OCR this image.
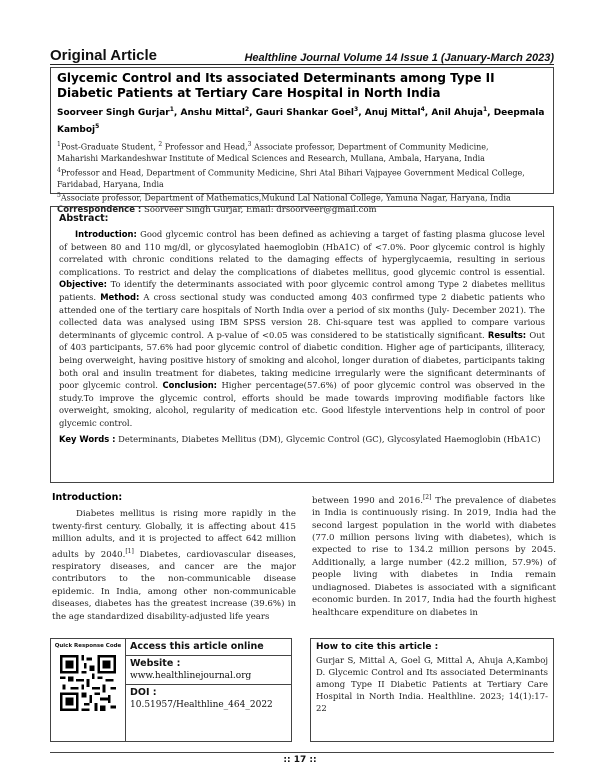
Original Article	Healthline Journal Volume 14 Issue 1 (January-March 2023)
Glycemic Control and Its associated Determinants among Type II
Diabetic Patients at Tertiary Care Hospital in North India
Soorveer Singh Gurjar$^1$, Anshu Mittal$^2$, Gauri Shankar Goel$^3$, Anuj Mittal$^4$, Anil Ahuja$^1$, Deepmala Kamboj$^5$
$^1$Post-Graduate Student, $^2$ Professor and Head,$^3$ Associate professor, Department of Community Medicine,
Maharishi Markandeshwar Institute of Medical Sciences and Research, Mullana, Ambala, Haryana, India
$^4$Professor and Head, Department of Community Medicine, Shri Atal Bihari Vajpayee Government Medical College, Faridabad, Haryana, India
$^5$Associate professor, Department of Mathematics,Mukund Lal National College, Yamuna Nagar, Haryana, India
Correspondence : Soorveer Singh Gurjar, Email: drsoorveer@gmail.com
Abstract:

Introduction: Good glycemic control has been defined as achieving a target of fasting plasma glucose level of between 80 and 110 mg/dl, or glycosylated haemoglobin (HbA1C) of <7.0%. Poor glycemic control is highly correlated with chronic conditions related to the damaging effects of hyperglycaemia, resulting in serious complications. To restrict and delay the complications of diabetes mellitus, good glycemic control is essential. Objective: To identify the determinants associated with poor glycemic control among Type 2 diabetes mellitus patients. Method: A cross sectional study was conducted among 403 confirmed type 2 diabetic patients who attended one of the tertiary care hospitals of North India over a period of six months (July- December 2021). The collected data was analysed using IBM SPSS version 28. Chi-square test was applied to compare various determinants of glycemic control. A p-value of <0.05 was considered to be statistically significant. Results: Out of 403 participants, 57.6% had poor glycemic control of diabetic condition. Higher age of participants, illiteracy, being overweight, having positive history of smoking and alcohol, longer duration of diabetes, participants taking both oral and insulin treatment for diabetes, taking medicine irregularly were the significant determinants of poor glycemic control. Conclusion: Higher percentage(57.6%) of poor glycemic control was observed in the study.To improve the glycemic control, efforts should be made towards improving modifiable factors like overweight, smoking, alcohol, regularity of medication etc. Good lifestyle interventions help in control of poor glycemic control.

Key Words : Determinants, Diabetes Mellitus (DM), Glycemic Control (GC), Glycosylated Haemoglobin (HbA1C)
Introduction:

Diabetes mellitus is rising more rapidly in the twenty-first century. Globally, it is affecting about 415 million adults, and it is projected to affect 642 million adults by 2040.[1] Diabetes, cardiovascular diseases, respiratory diseases, and cancer are the major contributors to the non-communicable disease epidemic. In India, among other non-communicable diseases, diabetes has the greatest increase (39.6%) in the age standardized disability-adjusted life years

between 1990 and 2016.[2] The prevalence of diabetes in India is continuously rising. In 2019, India had the second largest population in the world with diabetes (77.0 million persons living with diabetes), which is expected to rise to 134.2 million persons by 2045. Additionally, a large number (42.2 million, 57.9%) of people living with diabetes in India remain undiagnosed. Diabetes is associated with a significant economic burden. In 2017, India had the fourth highest healthcare expenditure on diabetes in

Quick Response Code Access this article online
Website :
www.healthlinejournal.org
DOI :
10.51957/Healthline_464_2022
How to cite this article :
Gurjar S, Mittal A, Goel G, Mittal A, Ahuja A,Kamboj D. Glycemic Control and Its associated Determinants among Type II Diabetic Patients at Tertiary Care Hospital in North India. Healthline. 2023; 14(1):17-22
:: 17 ::
